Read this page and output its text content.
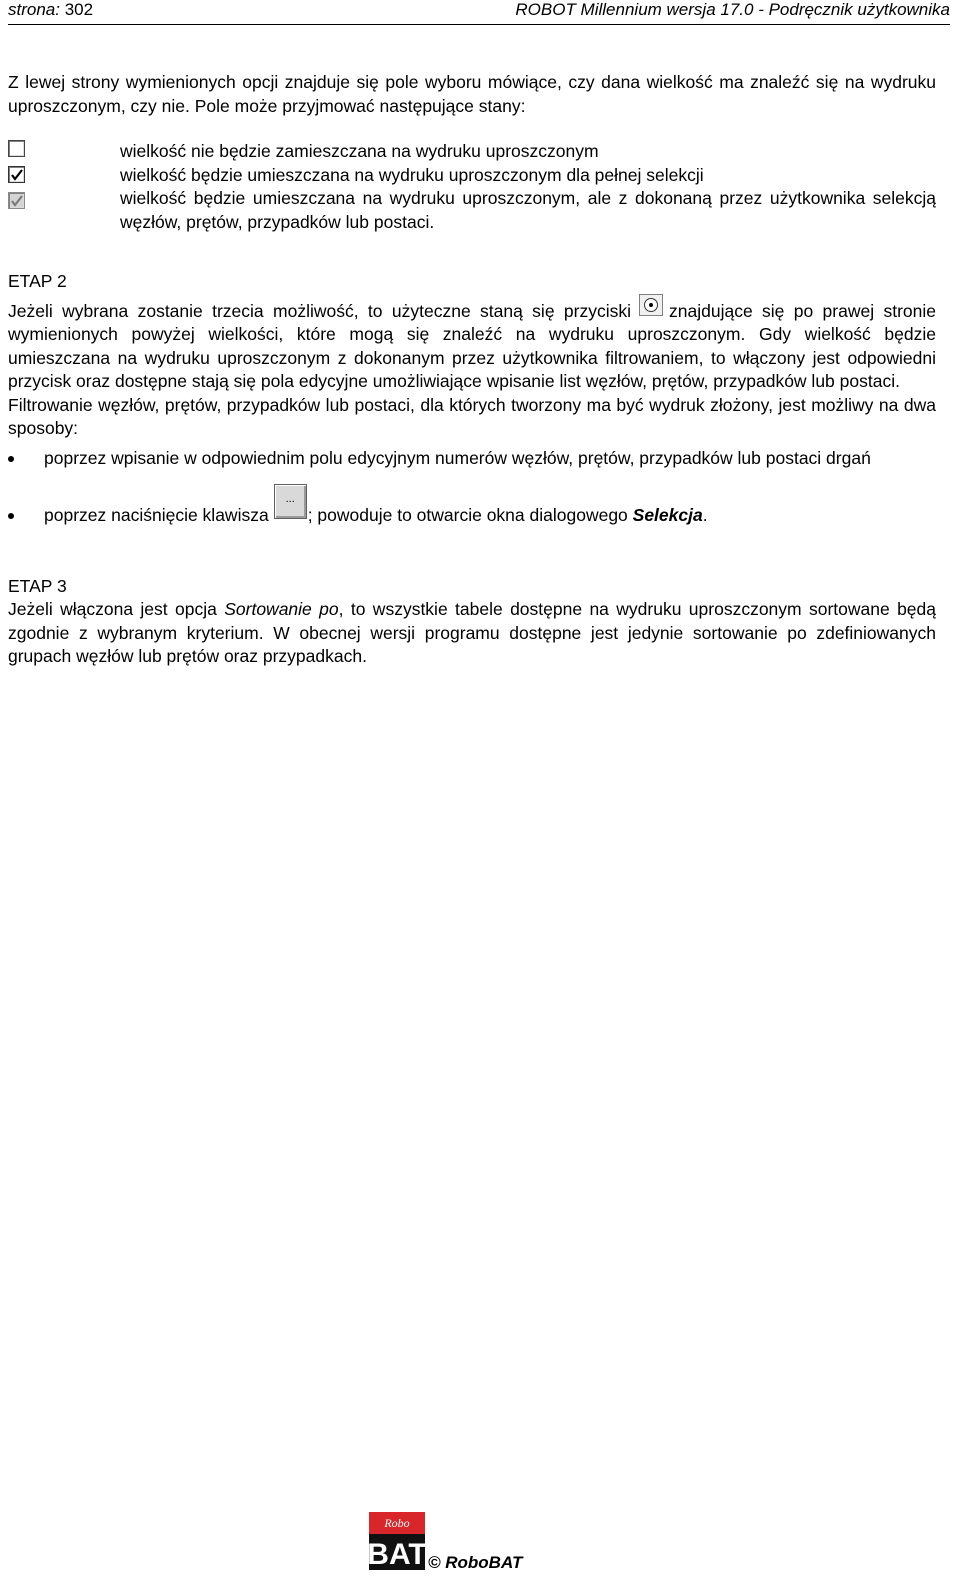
strona: 302	ROBOT Millennium wersja 17.0 - Podręcznik użytkownika

Z lewej strony wymienionych opcji znajduje się pole wyboru mówiące, czy dana wielkość ma znaleźć się na wydruku uproszczonym, czy nie. Pole może przyjmować następujące stany:

wielkość nie będzie zamieszczana na wydruku uproszczonym
wielkość będzie umieszczana na wydruku uproszczonym dla pełnej selekcji
wielkość będzie umieszczana na wydruku uproszczonym, ale z dokonaną przez użytkownika selekcją węzłów, prętów, przypadków lub postaci.
ETAP 2

Jeżeli wybrana zostanie trzecia możliwość, to użyteczne staną się przyciski znajdujące się po prawej stronie wymienionych powyżej wielkości, które mogą się znaleźć na wydruku uproszczonym. Gdy wielkość będzie umieszczana na wydruku uproszczonym z dokonanym przez użytkownika filtrowaniem, to włączony jest odpowiedni przycisk oraz dostępne stają się pola edycyjne umożliwiające wpisanie list węzłów, prętów, przypadków lub postaci.

Filtrowanie węzłów, prętów, przypadków lub postaci, dla których tworzony ma być wydruk złożony, jest możliwy na dwa sposoby:

poprzez wpisanie w odpowiednim polu edycyjnym numerów węzłów, prętów, przypadków lub postaci drgań
poprzez naciśnięcie klawisza...; powoduje to otwarcie okna dialogowego Selekcja.
ETAP 3

Jeżeli włączona jest opcja Sortowanie po, to wszystkie tabele dostępne na wydruku uproszczonym sortowane będą zgodnie z wybranym kryterium. W obecnej wersji programu dostępne jest jedynie sortowanie po zdefiniowanych grupach węzłów lub prętów oraz przypadkach.

Robo
BAT © RoboBAT
